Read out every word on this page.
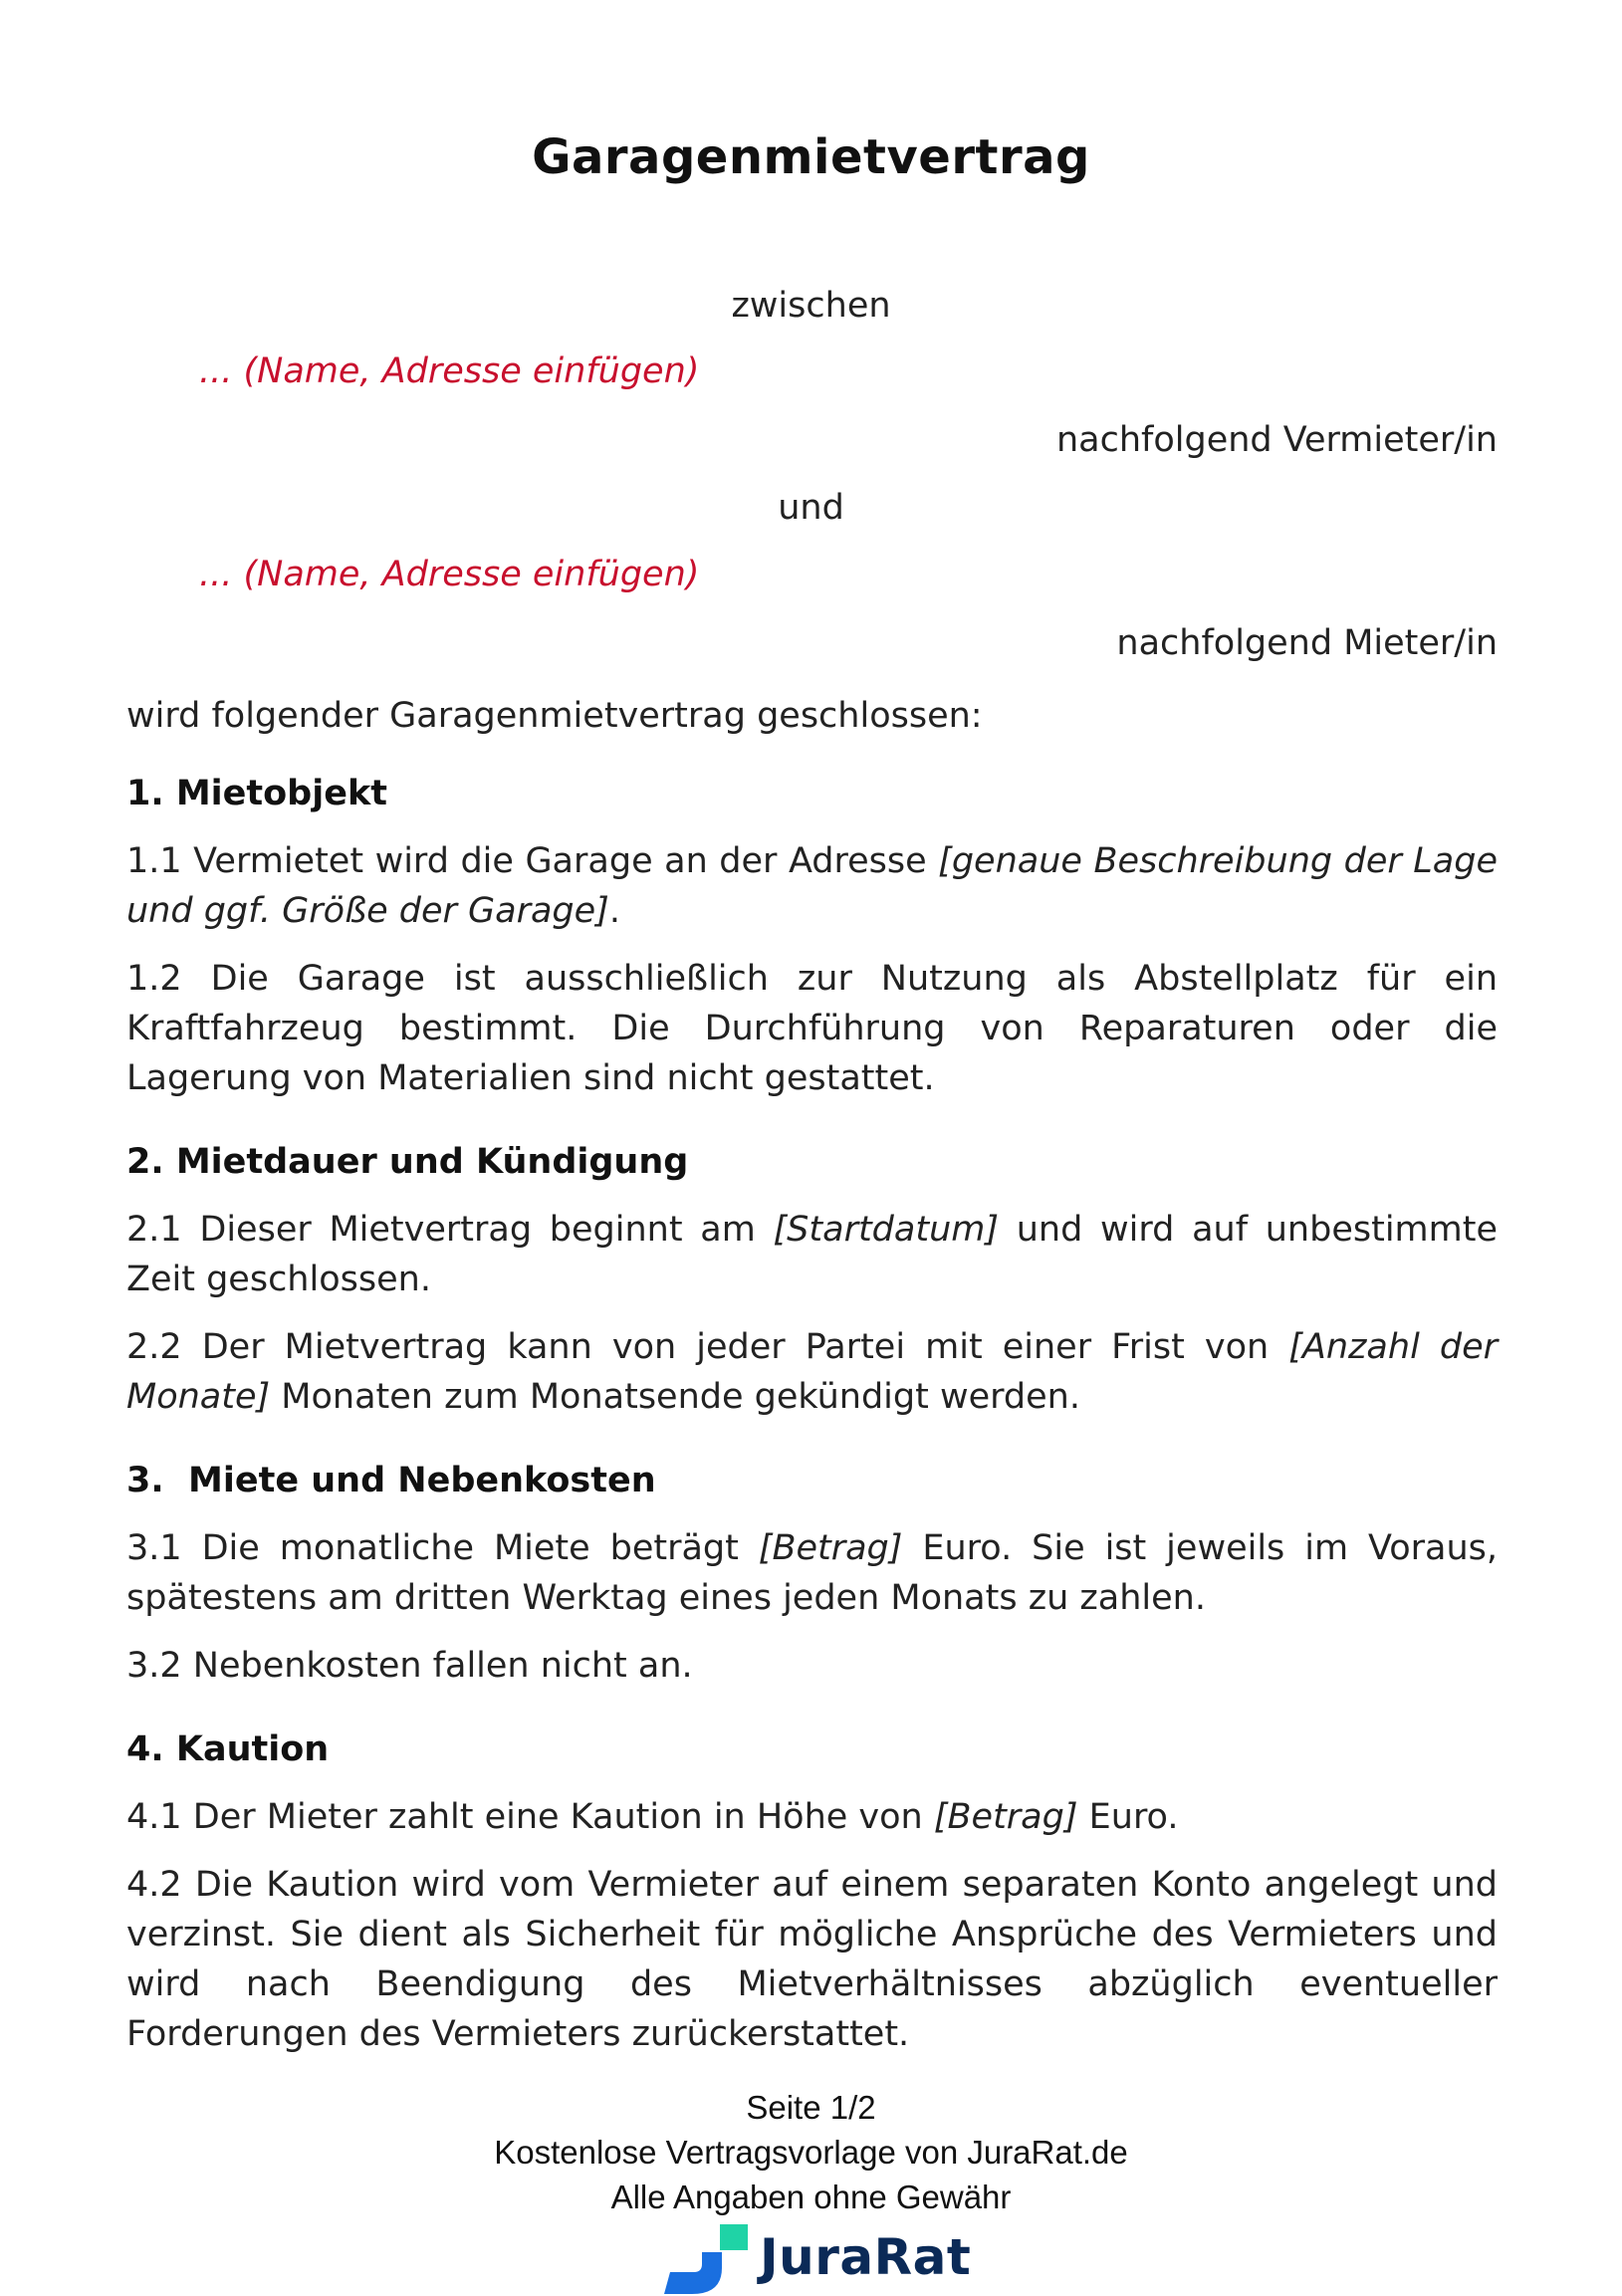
Garagenmietvertrag
zwischen
... (Name, Adresse einfügen)
nachfolgend Vermieter/in
und
... (Name, Adresse einfügen)
nachfolgend Mieter/in
wird folgender Garagenmietvertrag geschlossen:
1. Mietobjekt

1.1 Vermietet wird die Garage an der Adresse [genaue Beschreibung der Lage und ggf. Größe der Garage].

1.2 Die Garage ist ausschließlich zur Nutzung als Abstellplatz für ein Kraftfahrzeug bestimmt. Die Durchführung von Reparaturen oder die Lagerung von Materialien sind nicht gestattet.

2. Mietdauer und Kündigung

2.1 Dieser Mietvertrag beginnt am [Startdatum] und wird auf unbestimmte Zeit geschlossen.

2.2 Der Mietvertrag kann von jeder Partei mit einer Frist von [Anzahl der Monate] Monaten zum Monatsende gekündigt werden.

3.  Miete und Nebenkosten

3.1 Die monatliche Miete beträgt [Betrag] Euro. Sie ist jeweils im Voraus, spätestens am dritten Werktag eines jeden Monats zu zahlen.

3.2 Nebenkosten fallen nicht an.

4. Kaution

4.1 Der Mieter zahlt eine Kaution in Höhe von [Betrag] Euro.

4.2 Die Kaution wird vom Vermieter auf einem separaten Konto angelegt und verzinst. Sie dient als Sicherheit für mögliche Ansprüche des Vermieters und wird nach Beendigung des Mietverhältnisses abzüglich eventueller Forderungen des Vermieters zurückerstattet.

Seite 1/2
Kostenlose Vertragsvorlage von JuraRat.de
Alle Angaben ohne Gewähr
JuraRat
